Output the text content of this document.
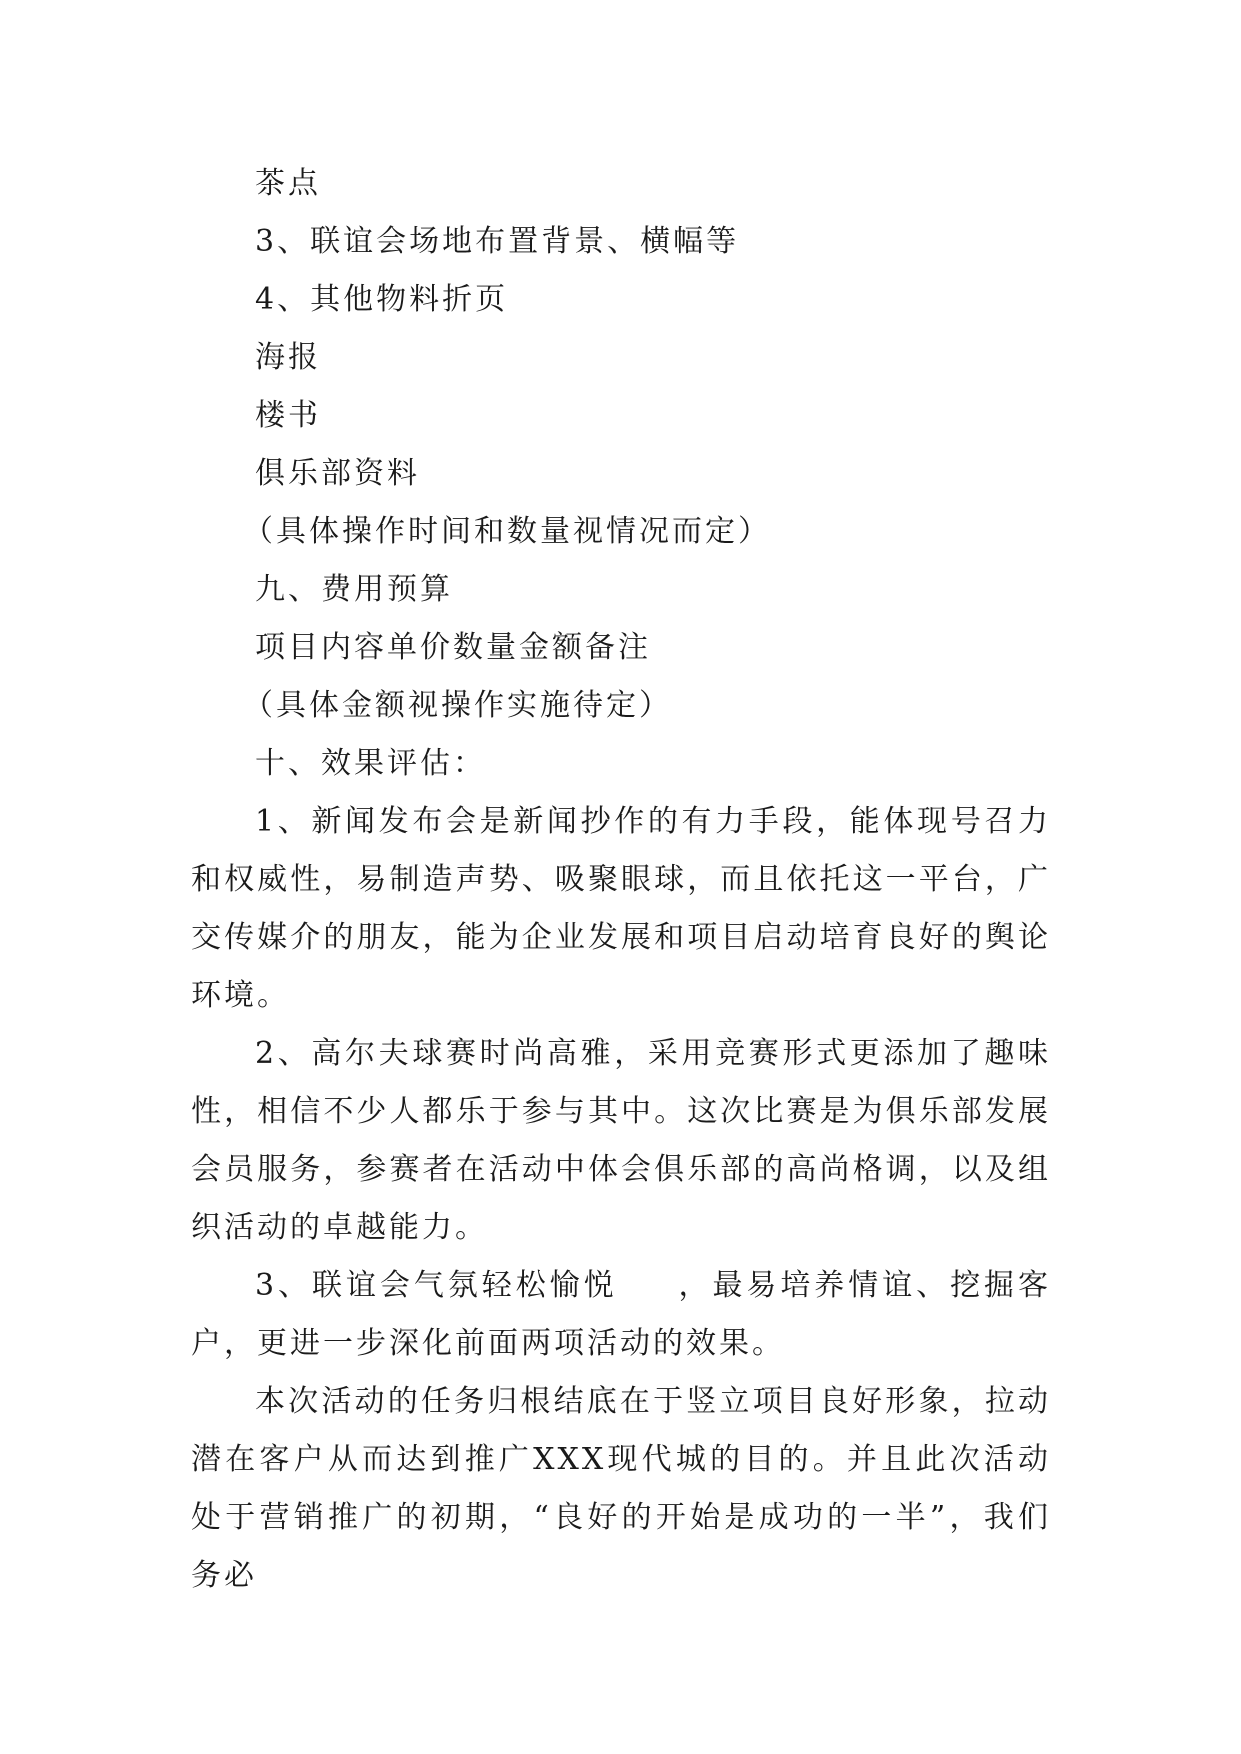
茶点

3、联谊会场地布置背景、横幅等

4、其他物料折页

海报

楼书

俱乐部资料

（具体操作时间和数量视情况而定）

九、费用预算

项目内容单价数量金额备注

（具体金额视操作实施待定）

十、效果评估：

1、新闻发布会是新闻抄作的有力手段，能体现号召力和权威性，易制造声势、吸聚眼球，而且依托这一平台，广交传媒介的朋友，能为企业发展和项目启动培育良好的舆论环境。

2、高尔夫球赛时尚高雅，采用竞赛形式更添加了趣味性，相信不少人都乐于参与其中。这次比赛是为俱乐部发展会员服务，参赛者在活动中体会俱乐部的高尚格调，以及组织活动的卓越能力。

3、联谊会气氛轻松愉悦 ，最易培养情谊、挖掘客户，更进一步深化前面两项活动的效果。

本次活动的任务归根结底在于竖立项目良好形象，拉动潜在客户从而达到推广XXX现代城的目的。并且此次活动处于营销推广的初期，“良好的开始是成功的一半”，我们务必
